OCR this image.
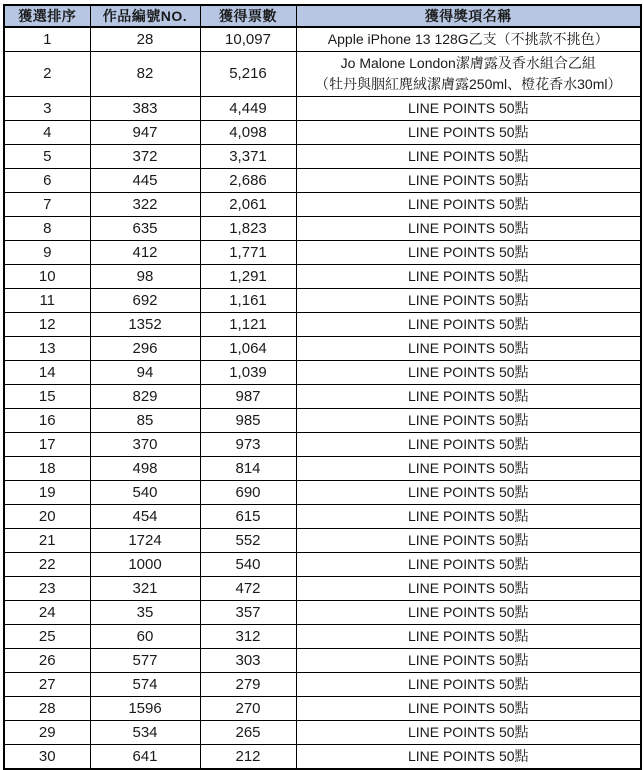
獲選排序	作品編號NO.	獲得票數	獲得獎項名稱
1	28	10,097	Apple iPhone 13 128G乙支（不挑款不挑色）

2	82	5,216	Jo Malone London潔膚露及香水組合乙組
（牡丹與胭紅麂絨潔膚露250ml、橙花香水30ml）

3	383	4,449	LINE POINTS 50點

4	947	4,098	LINE POINTS 50點

5	372	3,371	LINE POINTS 50點

6	445	2,686	LINE POINTS 50點

7	322	2,061	LINE POINTS 50點

8	635	1,823	LINE POINTS 50點

9	412	1,771	LINE POINTS 50點

10	98	1,291	LINE POINTS 50點

11	692	1,161	LINE POINTS 50點

12	1352	1,121	LINE POINTS 50點

13	296	1,064	LINE POINTS 50點

14	94	1,039	LINE POINTS 50點

15	829	987	LINE POINTS 50點

16	85	985	LINE POINTS 50點

17	370	973	LINE POINTS 50點

18	498	814	LINE POINTS 50點

19	540	690	LINE POINTS 50點

20	454	615	LINE POINTS 50點

21	1724	552	LINE POINTS 50點

22	1000	540	LINE POINTS 50點

23	321	472	LINE POINTS 50點

24	35	357	LINE POINTS 50點

25	60	312	LINE POINTS 50點

26	577	303	LINE POINTS 50點

27	574	279	LINE POINTS 50點

28	1596	270	LINE POINTS 50點

29	534	265	LINE POINTS 50點

30	641	212	LINE POINTS 50點
